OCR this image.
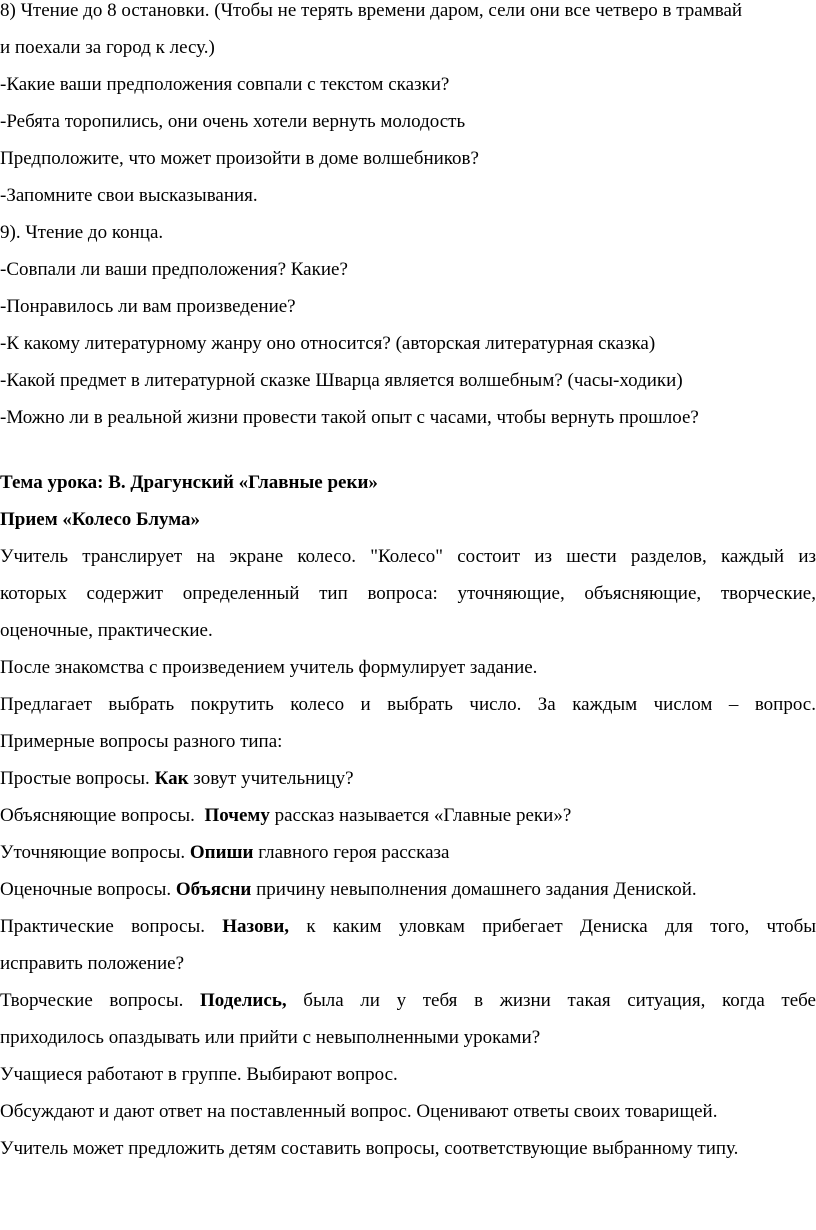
8) Чтение до 8 остановки. (Чтобы не терять времени даром, сели они все четверо в трамвай
и поехали за город к лесу.)
-Какие ваши предположения совпали с текстом сказки?
-Ребята торопились, они очень хотели вернуть молодость
Предположите, что может произойти в доме волшебников?
-Запомните свои высказывания.
9). Чтение до конца.
-Совпали ли ваши предположения? Какие?
-Понравилось ли вам произведение?
-К какому литературному жанру оно относится? (авторская литературная сказка)
-Какой предмет в литературной сказке Шварца является волшебным? (часы-ходики)
-Можно ли в реальной жизни провести такой опыт с часами, чтобы вернуть прошлое?
Тема урока: В. Драгунский «Главные реки»
Прием «Колесо Блума»
Учитель транслирует на экране колесо. "Колесо" состоит из шести разделов, каждый из
которых содержит определенный тип вопроса: уточняющие, объясняющие, творческие,
оценочные, практические.
После знакомства с произведением учитель формулирует задание.
Предлагает выбрать покрутить колесо и выбрать число. За каждым числом – вопрос.
Примерные вопросы разного типа:
Простые вопросы. Как зовут учительницу?
Объясняющие вопросы. Почему рассказ называется «Главные реки»?
Уточняющие вопросы. Опиши главного героя рассказа
Оценочные вопросы. Объясни причину невыполнения домашнего задания Дениской.
Практические вопросы. Назови, к каким уловкам прибегает Дениска для того, чтобы
исправить положение?
Творческие вопросы. Поделись, была ли у тебя в жизни такая ситуация, когда тебе
приходилось опаздывать или прийти с невыполненными уроками?
Учащиеся работают в группе. Выбирают вопрос.
Обсуждают и дают ответ на поставленный вопрос. Оценивают ответы своих товарищей.
Учитель может предложить детям составить вопросы, соответствующие выбранному типу.
